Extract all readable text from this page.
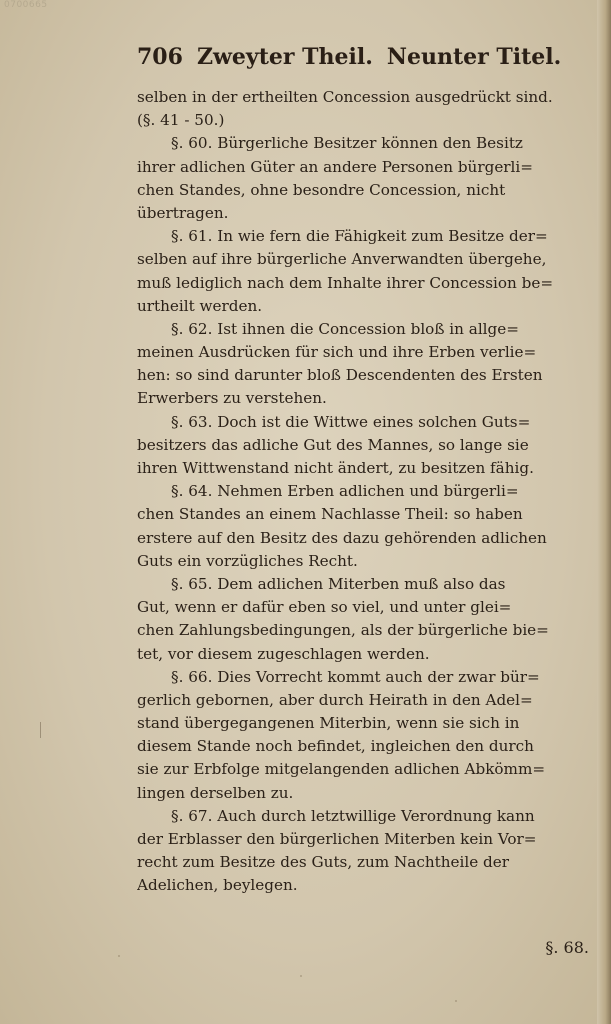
0700665
706 Zweyter Theil. Neunter Titel.
selben in der ertheilten Concession ausgedrückt sind.
(§. 41 - 50.)
§. 60. Bürgerliche Besitzer können den Besitz
ihrer adlichen Güter an andere Personen bürgerli=
chen Standes, ohne besondre Concession, nicht
übertragen.
§. 61. In wie fern die Fähigkeit zum Besitze der=
selben auf ihre bürgerliche Anverwandten übergehe,
muß lediglich nach dem Inhalte ihrer Concession be=
urtheilt werden.
§. 62. Ist ihnen die Concession bloß in allge=
meinen Ausdrücken für sich und ihre Erben verlie=
hen: so sind darunter bloß Descendenten des Ersten
Erwerbers zu verstehen.
§. 63. Doch ist die Wittwe eines solchen Guts=
besitzers das adliche Gut des Mannes, so lange sie
ihren Wittwenstand nicht ändert, zu besitzen fähig.
§. 64. Nehmen Erben adlichen und bürgerli=
chen Standes an einem Nachlasse Theil: so haben
erstere auf den Besitz des dazu gehörenden adlichen
Guts ein vorzügliches Recht.
§. 65. Dem adlichen Miterben muß also das
Gut, wenn er dafür eben so viel, und unter glei=
chen Zahlungsbedingungen, als der bürgerliche bie=
tet, vor diesem zugeschlagen werden.
§. 66. Dies Vorrecht kommt auch der zwar bür=
gerlich gebornen, aber durch Heirath in den Adel=
stand übergegangenen Miterbin, wenn sie sich in
diesem Stande noch befindet, ingleichen den durch
sie zur Erbfolge mitgelangenden adlichen Abkömm=
lingen derselben zu.
§. 67. Auch durch letztwillige Verordnung kann
der Erblasser den bürgerlichen Miterben kein Vor=
recht zum Besitze des Guts, zum Nachtheile der
Adelichen, beylegen.
§. 68.
